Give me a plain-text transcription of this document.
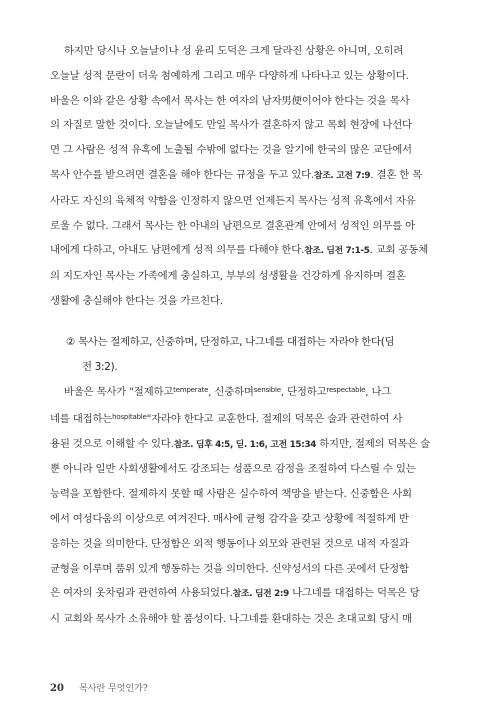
하지만 당시나 오늘날이나 성 윤리 도덕은 크게 달라진 상황은 아니며, 오히려
오늘날 성적 문란이 더욱 첨예하게 그리고 매우 다양하게 나타나고 있는 상황이다.
바울은 이와 같은 상황 속에서 목사는 한 여자의 남자男便이어야 한다는 것을 목사
의 자질로 말한 것이다. 오늘날에도 만일 목사가 결혼하지 않고 목회 현장에 나선다
면 그 사람은 성적 유혹에 노출될 수밖에 없다는 것을 알기에 한국의 많은 교단에서
목사 안수를 받으려면 결혼을 해야 한다는 규정을 두고 있다.참조. 고전 7:9. 결혼 한 목
사라도 자신의 육체적 약함을 인정하지 않으면 언제든지 목사는 성적 유혹에서 자유
로울 수 없다. 그래서 목사는 한 아내의 남편으로 결혼관계 안에서 성적인 의무를 아
내에게 다하고, 아내도 남편에게 성적 의무를 다해야 한다.참조. 딤전 7:1-5. 교회 공동체
의 지도자인 목사는 가족에게 충실하고, 부부의 성생활을 건강하게 유지하며 결혼
생활에 충실해야 한다는 것을 가르친다.
② 목사는 절제하고, 신중하며, 단정하고, 나그네를 대접하는 자라야 한다(딤
전 3:2).
바울은 목사가 "절제하고$^{temperate}$, 신중하며$^{sensible}$, 단정하고$^{respectable}$, 나그
네를 대접하는$^{hospitable}$"자라야 한다고 교훈한다. 절제의 덕목은 술과 관련하여 사
용된 것으로 이해할 수 있다.참조. 딤후 4:5, 딛. 1:6, 고전 15:34 하지만, 절제의 덕목은 술
뿐 아니라 일반 사회생활에서도 강조되는 성품으로 감정을 조절하여 다스릴 수 있는
능력을 포함한다. 절제하지 못할 때 사람은 실수하여 책망을 받는다. 신중함은 사회
에서 여성다움의 이상으로 여겨진다. 매사에 균형 감각을 갖고 상황에 적절하게 반
응하는 것을 의미한다. 단정함은 외적 행동이나 외모와 관련된 것으로 내적 자질과
균형을 이루며 품위 있게 행동하는 것을 의미한다. 신약성서의 다른 곳에서 단정함
은 여자의 옷차림과 관련하여 사용되었다.참조. 딤전 2:9 나그네를 대접하는 덕목은 당
시 교회와 목사가 소유해야 할 품성이다. 나그네를 환대하는 것은 초대교회 당시 매
20 목사란 무엇인가?
